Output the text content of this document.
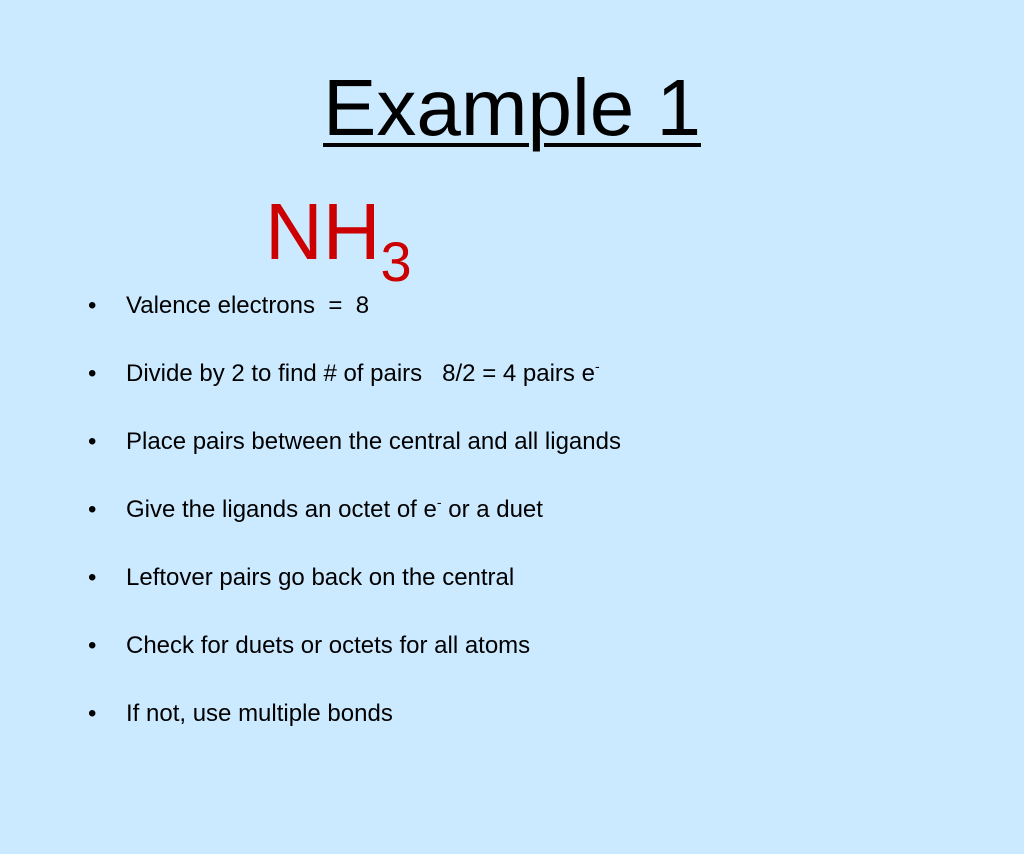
Example 1
$NH_3$

•

Valence electrons  =  8

•

Divide by 2 to find # of pairs   8/2 = 4 pairs e-

•

Place pairs between the central and all ligands

•

Give the ligands an octet of e- or a duet

•

Leftover pairs go back on the central

•

Check for duets or octets for all atoms

•

If not, use multiple bonds
